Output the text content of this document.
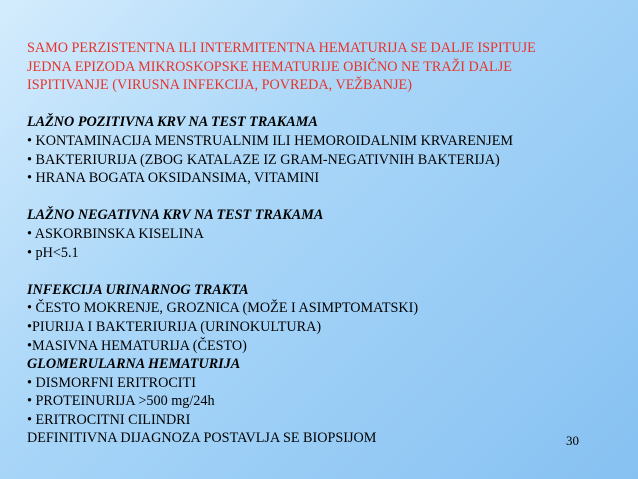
SAMO PERZISTENTNA ILI INTERMITENTNA HEMATURIJA SE DALJE ISPITUJE
JEDNA EPIZODA MIKROSKOPSKE HEMATURIJE OBIČNO NE TRAŽI DALJE
ISPITIVANJE (VIRUSNA INFEKCIJA, POVREDA, VEŽBANJE)
LAŽNO POZITIVNA KRV NA TEST TRAKAMA
• KONTAMINACIJA MENSTRUALNIM ILI HEMOROIDALNIM KRVARENJEM
• BAKTERIURIJA (ZBOG KATALAZE IZ GRAM-NEGATIVNIH BAKTERIJA)
• HRANA BOGATA OKSIDANSIMA, VITAMINI
LAŽNO NEGATIVNA KRV NA TEST TRAKAMA
• ASKORBINSKA KISELINA
• pH<5.1
INFEKCIJA URINARNOG TRAKTA
• ČESTO MOKRENJE, GROZNICA (MOŽE I ASIMPTOMATSKI)
•PIURIJA I BAKTERIURIJA (URINOKULTURA)
•MASIVNA HEMATURIJA (ČESTO)
GLOMERULARNA HEMATURIJA
• DISMORFNI ERITROCITI
• PROTEINURIJA >500 mg/24h
• ERITROCITNI CILINDRI
DEFINITIVNA DIJAGNOZA POSTAVLJA SE BIOPSIJOM	30
